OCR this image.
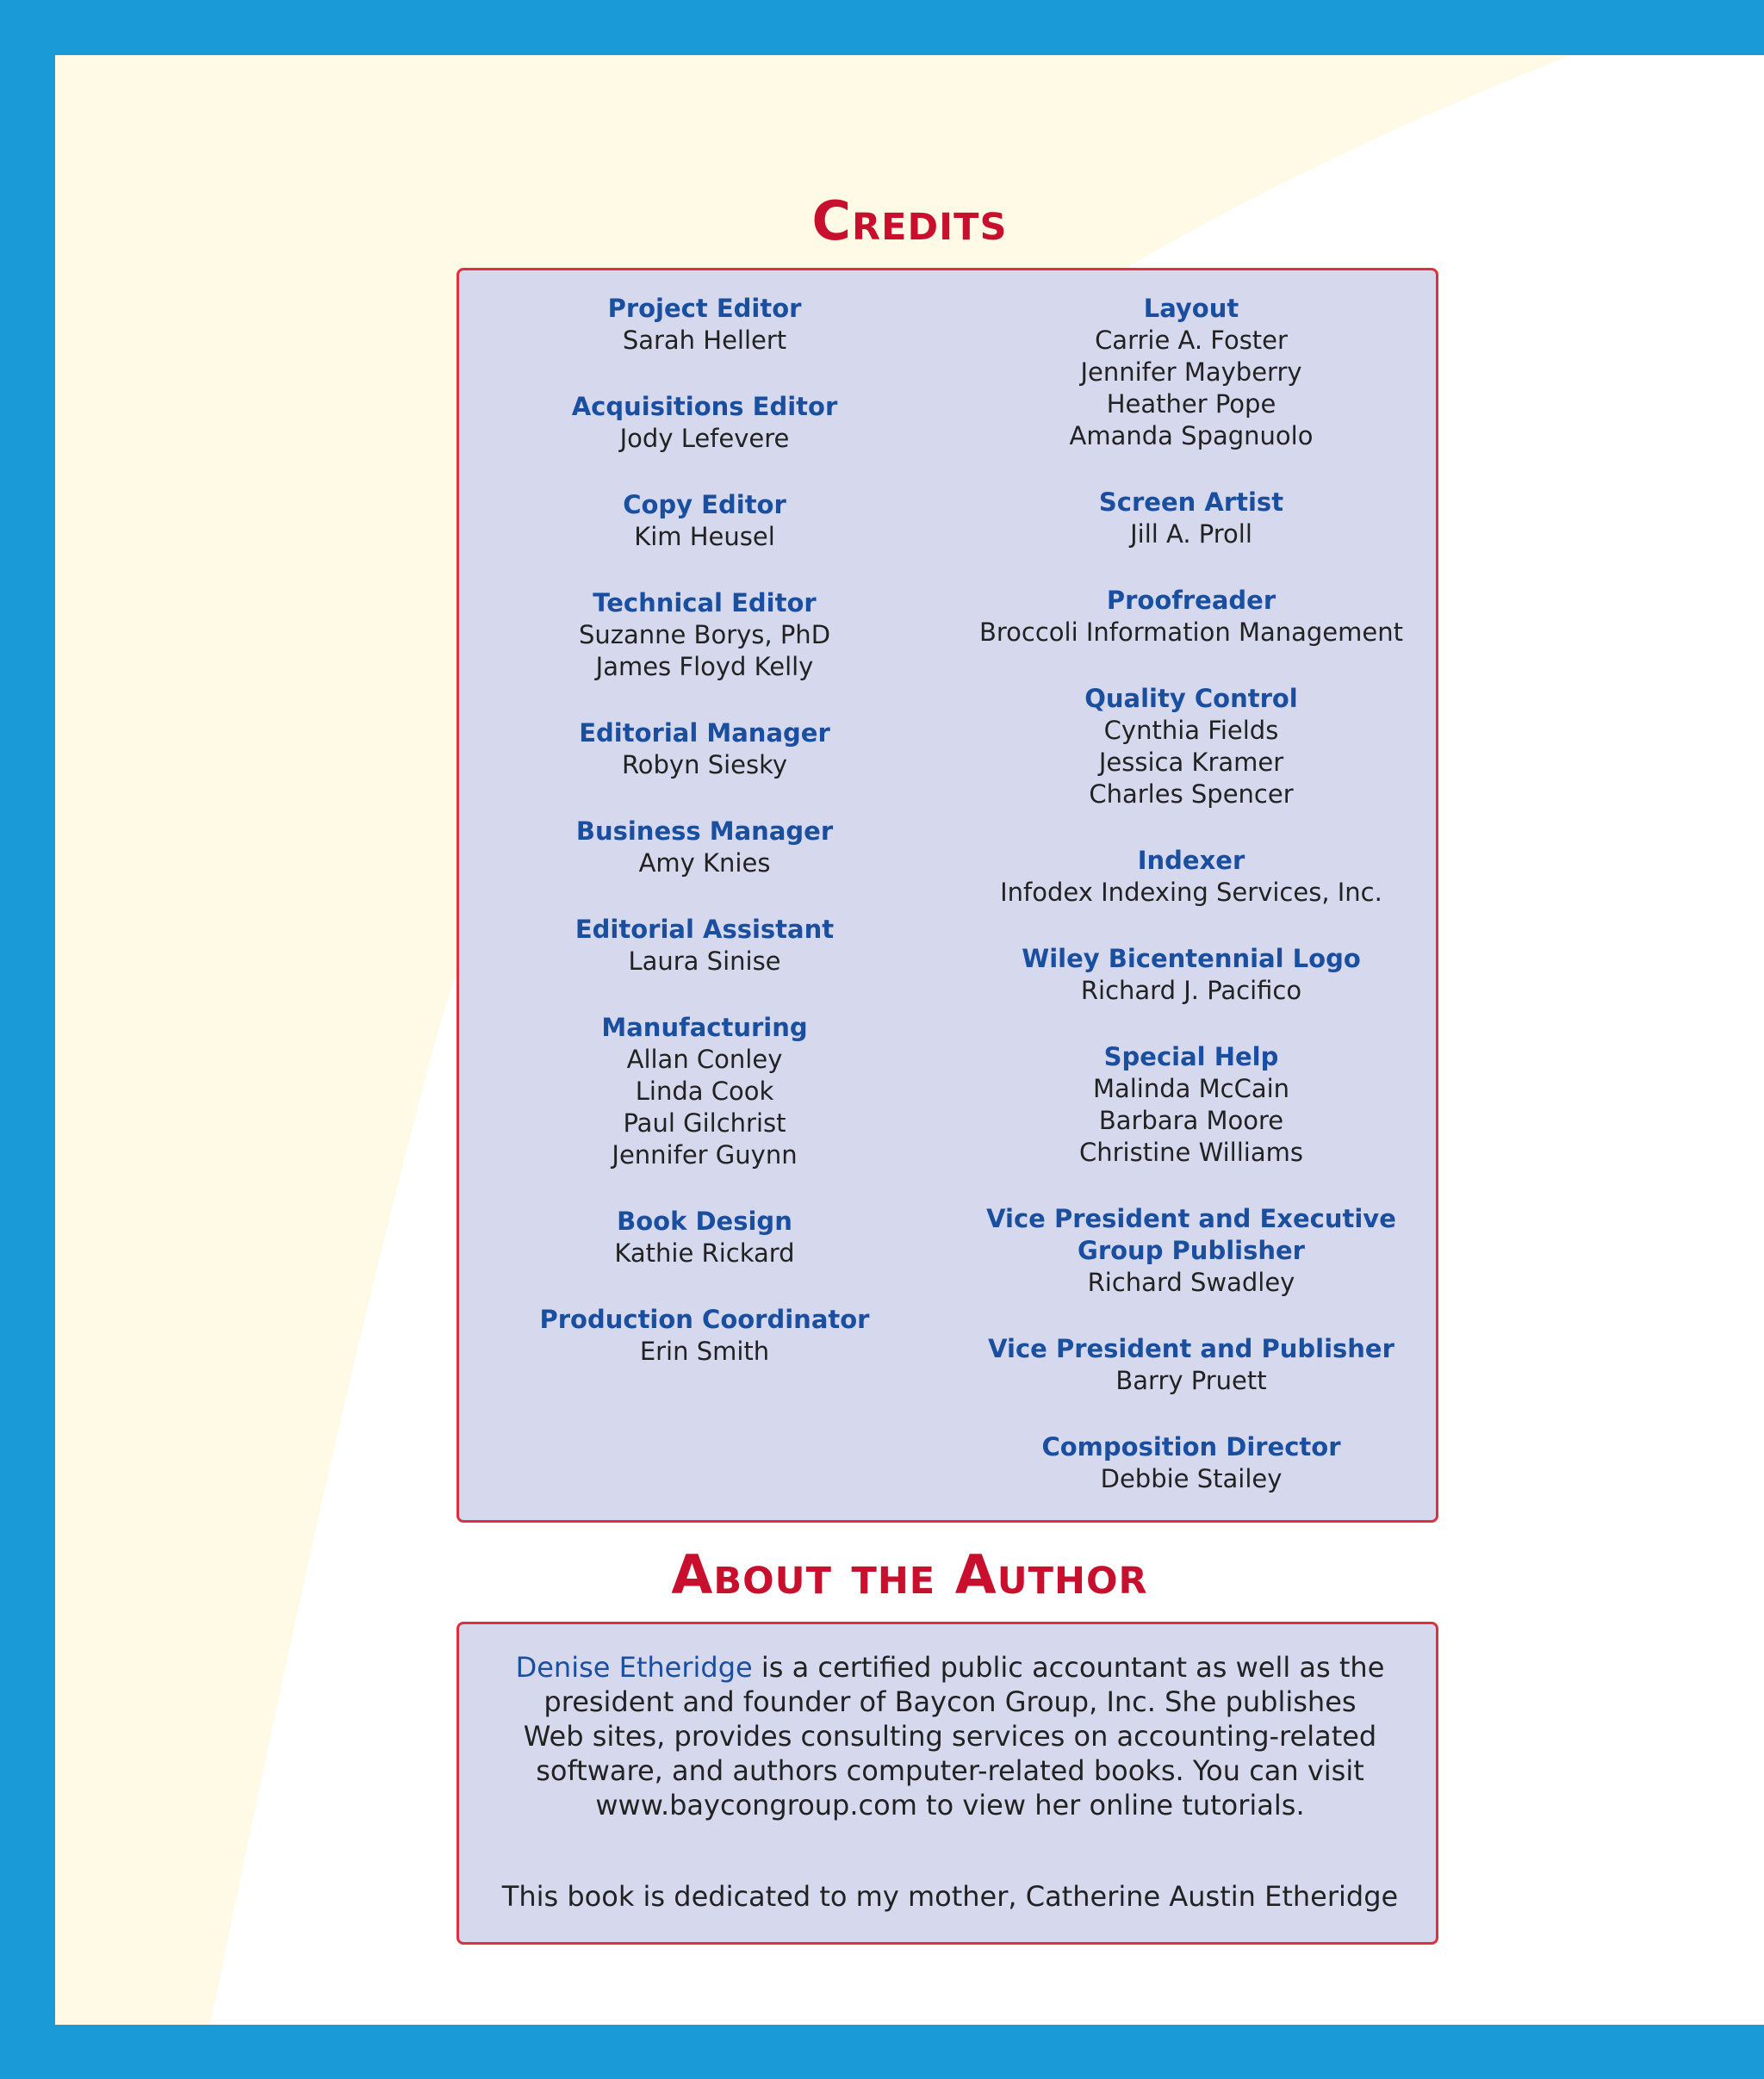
Credits
Project Editor
Sarah Hellert
Acquisitions Editor
Jody Lefevere
Copy Editor
Kim Heusel
Technical Editor
Suzanne Borys, PhD
James Floyd Kelly
Editorial Manager
Robyn Siesky
Business Manager
Amy Knies
Editorial Assistant
Laura Sinise
Manufacturing
Allan Conley
Linda Cook
Paul Gilchrist
Jennifer Guynn
Book Design
Kathie Rickard
Production Coordinator
Erin Smith
Layout
Carrie A. Foster
Jennifer Mayberry
Heather Pope
Amanda Spagnuolo
Screen Artist
Jill A. Proll
Proofreader
Broccoli Information Management
Quality Control
Cynthia Fields
Jessica Kramer
Charles Spencer
Indexer
Infodex Indexing Services, Inc.
Wiley Bicentennial Logo
Richard J. Pacifico
Special Help
Malinda McCain
Barbara Moore
Christine Williams
Vice President and Executive Group Publisher
Richard Swadley
Vice President and Publisher
Barry Pruett
Composition Director
Debbie Stailey
About the Author
Denise Etheridge is a certified public accountant as well as the president and founder of Baycon Group, Inc. She publishes Web sites, provides consulting services on accounting-related software, and authors computer-related books. You can visit www.baycongroup.com to view her online tutorials.
This book is dedicated to my mother, Catherine Austin Etheridge
